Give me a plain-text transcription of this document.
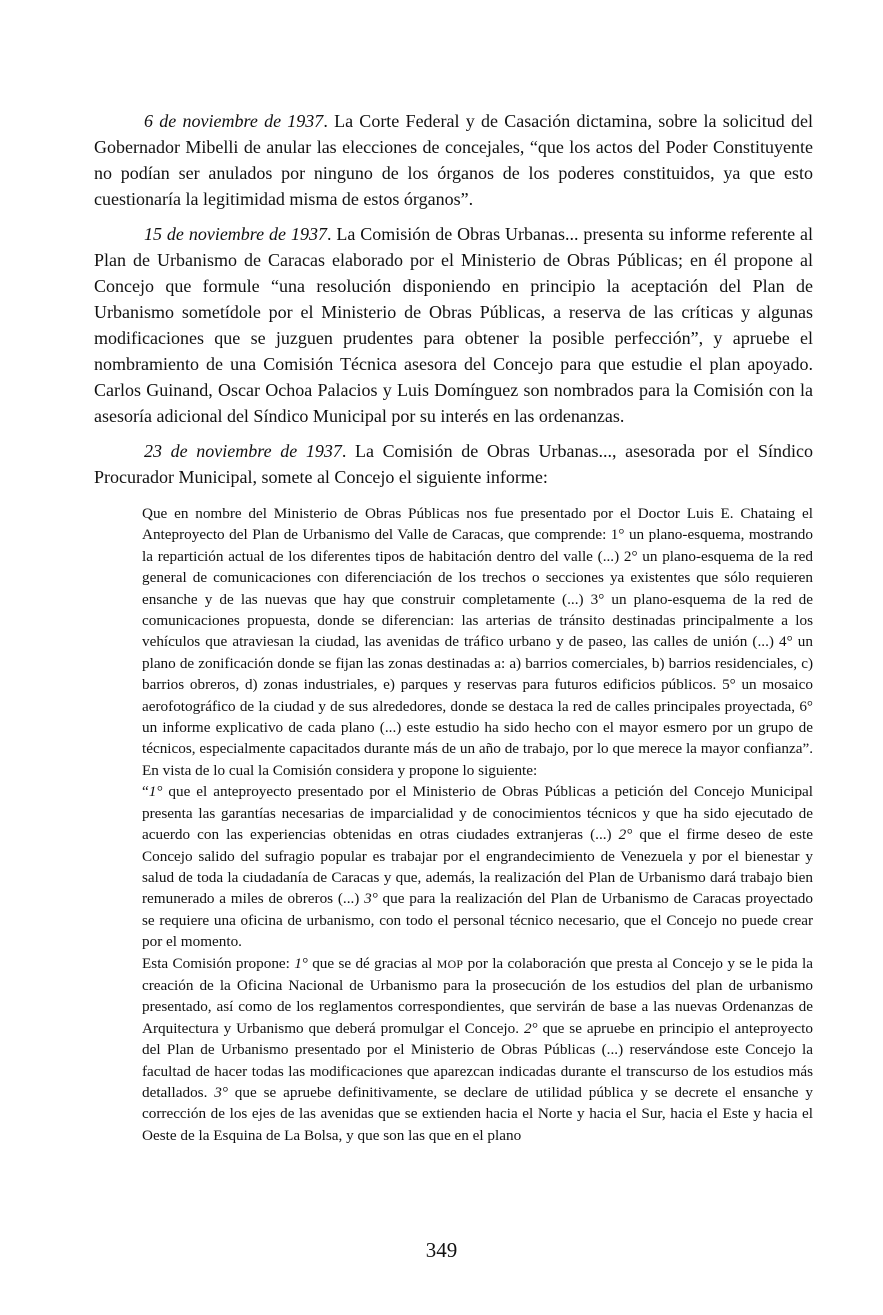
6 de noviembre de 1937. La Corte Federal y de Casación dictamina, sobre la solicitud del Gobernador Mibelli de anular las elecciones de concejales, “que los actos del Poder Constituyente no podían ser anulados por ninguno de los órganos de los poderes constituidos, ya que esto cuestionaría la legitimidad misma de estos órganos”.

15 de noviembre de 1937. La Comisión de Obras Urbanas... presenta su informe referente al Plan de Urbanismo de Caracas elaborado por el Ministerio de Obras Públicas; en él propone al Concejo que formule “una resolución disponiendo en principio la aceptación del Plan de Urbanismo sometídole por el Ministerio de Obras Públicas, a reserva de las críticas y algunas modificaciones que se juzguen prudentes para obtener la posible perfección”, y apruebe el nombramiento de una Comisión Técnica asesora del Concejo para que estudie el plan apoyado. Carlos Guinand, Oscar Ochoa Palacios y Luis Domínguez son nombrados para la Comisión con la asesoría adicional del Síndico Municipal por su interés en las ordenanzas.

23 de noviembre de 1937. La Comisión de Obras Urbanas..., asesorada por el Síndico Procurador Municipal, somete al Concejo el siguiente informe:

Que en nombre del Ministerio de Obras Públicas nos fue presentado por el Doctor Luis E. Chataing el Anteproyecto del Plan de Urbanismo del Valle de Caracas, que comprende: 1° un plano-esquema, mostrando la repartición actual de los diferentes tipos de habitación dentro del valle (...) 2° un plano-esquema de la red general de comunicaciones con diferenciación de los trechos o secciones ya existentes que sólo requieren ensanche y de las nuevas que hay que construir completamente (...) 3° un plano-esquema de la red de comunicaciones propuesta, donde se diferencian: las arterias de tránsito destinadas principalmente a los vehículos que atraviesan la ciudad, las avenidas de tráfico urbano y de paseo, las calles de unión (...) 4° un plano de zonificación donde se fijan las zonas destinadas a: a) barrios comerciales, b) barrios residenciales, c) barrios obreros, d) zonas industriales, e) parques y reservas para futuros edificios públicos. 5° un mosaico aerofotográfico de la ciudad y de sus alrededores, donde se destaca la red de calles principales proyectada, 6° un informe explicativo de cada plano (...) este estudio ha sido hecho con el mayor esmero por un grupo de técnicos, especialmente capacitados durante más de un año de trabajo, por lo que merece la mayor confianza”. En vista de lo cual la Comisión considera y propone lo siguiente:

“1° que el anteproyecto presentado por el Ministerio de Obras Públicas a petición del Concejo Municipal presenta las garantías necesarias de imparcialidad y de conocimientos técnicos y que ha sido ejecutado de acuerdo con las experiencias obtenidas en otras ciudades extranjeras (...) 2° que el firme deseo de este Concejo salido del sufragio popular es trabajar por el engrandecimiento de Venezuela y por el bienestar y salud de toda la ciudadanía de Caracas y que, además, la realización del Plan de Urbanismo dará trabajo bien remunerado a miles de obreros (...) 3° que para la realización del Plan de Urbanismo de Caracas proyectado se requiere una oficina de urbanismo, con todo el personal técnico necesario, que el Concejo no puede crear por el momento.

Esta Comisión propone: 1° que se dé gracias al MOP por la colaboración que presta al Concejo y se le pida la creación de la Oficina Nacional de Urbanismo para la prosecución de los estudios del plan de urbanismo presentado, así como de los reglamentos correspondientes, que servirán de base a las nuevas Ordenanzas de Arquitectura y Urbanismo que deberá promulgar el Concejo. 2° que se apruebe en principio el anteproyecto del Plan de Urbanismo presentado por el Ministerio de Obras Públicas (...) reservándose este Concejo la facultad de hacer todas las modificaciones que aparezcan indicadas durante el transcurso de los estudios más detallados. 3° que se apruebe definitivamente, se declare de utilidad pública y se decrete el ensanche y corrección de los ejes de las avenidas que se extienden hacia el Norte y hacia el Sur, hacia el Este y hacia el Oeste de la Esquina de La Bolsa, y que son las que en el plano

349
